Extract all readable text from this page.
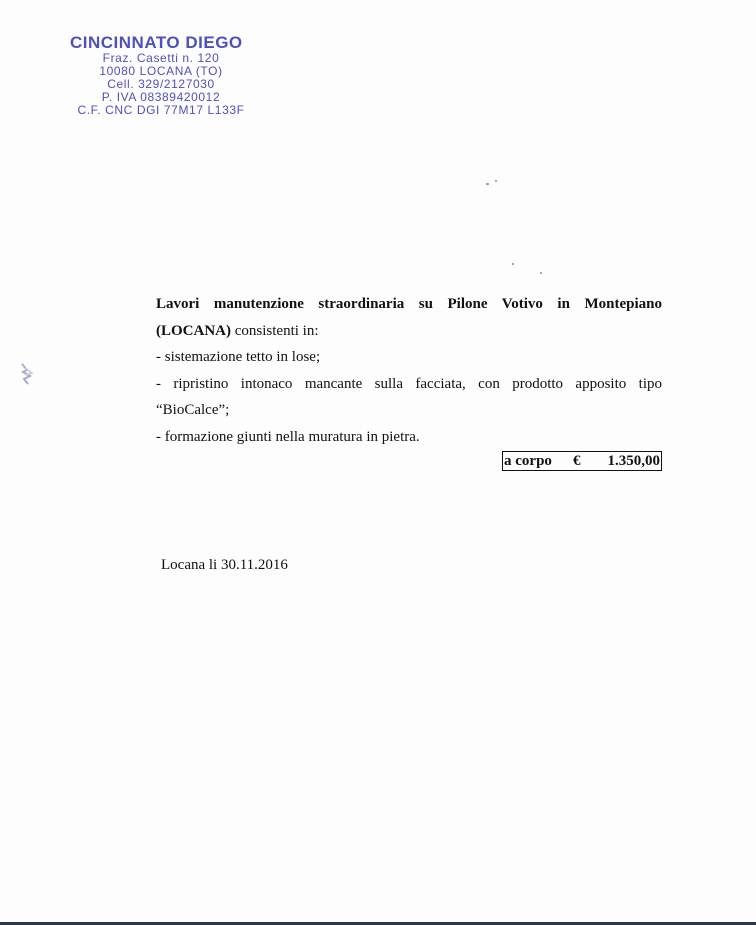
CINCINNATO DIEGO
Fraz. Casetti n. 120
10080 LOCANA (TO)
Cell. 329/2127030
P. IVA 08389420012
C.F. CNC DGI 77M17 L133F

Lavori manutenzione straordinaria su Pilone Votivo in Montepiano

(LOCANA) consistenti in:

- sistemazione tetto in lose;

- ripristino intonaco mancante sulla facciata, con prodotto apposito tipo

“BioCalce”;

- formazione giunti nella muratura in pietra.

a corpo € 1.350,00
Locana li 30.11.2016
